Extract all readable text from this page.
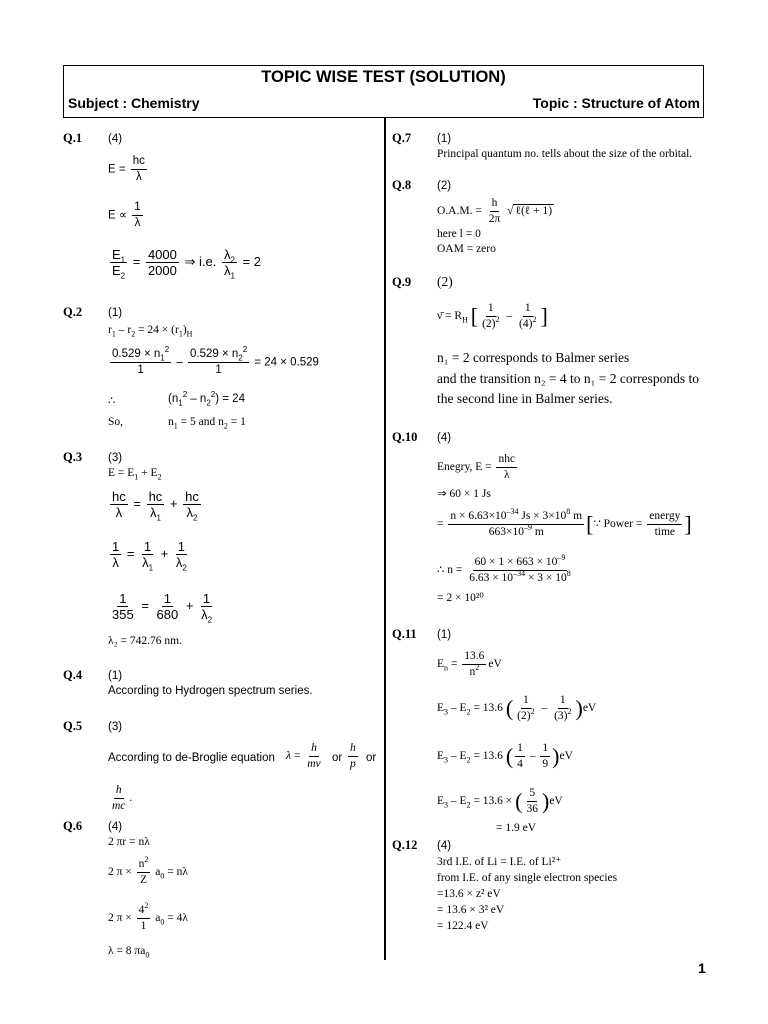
TOPIC WISE TEST (SOLUTION)
Subject : Chemistry	Topic : Structure of Atom
Q.1 (4)
$E = \frac{hc}{\lambda}$
$E \propto \frac{1}{\lambda}$
$\frac{E_1}{E_2} = \frac{4000}{2000}$ ⇒ i.e. $\frac{\lambda_2}{\lambda_1} = 2$
Q.2 (1)
$r_1 - r_2 = 24 \times (r_1)_H$
$\frac{0.529 \times n_1^2}{1} - \frac{0.529 \times n_2^2}{1} = 24 \times 0.529$
∴	$(n_1^2 - n_2^2) = 24$
So,	$n_1 = 5$ and $n_2 = 1$
Q.3 (3)
$E = E_1 + E_2$
$\frac{hc}{\lambda} = \frac{hc}{\lambda_1} + \frac{hc}{\lambda_2}$
$\frac{1}{\lambda} = \frac{1}{\lambda_1} + \frac{1}{\lambda_2}$
$\frac{1}{355} = \frac{1}{680} + \frac{1}{\lambda_2}$
λ₂ = 742.76 nm.
Q.4 (1)
According to Hydrogen spectrum series.
Q.5 (3)
According to de-Broglie equation $\lambda = \frac{h}{mv}$ or $\frac{h}{p}$ or
$\frac{h}{mc}$ .
Q.6 (4)
2 πr = nλ
2 $\pi \times \frac{n^2}{Z} a_0 = n\lambda$
2 $\pi \times \frac{4^2}{1} a_0 = 4\lambda$
λ = 8 $\pi a_0$
Q.7 (1)
Principal quantum no. tells about the size of the orbital.
Q.8 (2)
O.A.M. = $\frac{h}{2\pi}$ √ ℓ(ℓ + 1)
here l = 0
OAM = zero
Q.9 (2)
ν̄ = $R_H$ [ $\frac{1}{(2)^2} - \frac{1}{(4)^2}$ ]
n₁ = 2 corresponds to Balmer series
and the transition n₂ = 4 to n₁ = 2 corresponds to
the second line in Balmer series.
Q.10 (4)
Enegry, E =
nhc
λ
⇒ 60 × 1 Js
= $\frac{n \times 6.63\times 10^{-34} Js \times 3\times 10^8 m}{663\times 10^{-9} m}$ [∵ Power =
energy
time ]
∴ $n = \frac{60 \times 1 \times 663 \times 10^{-9}}{6.63 \times 10^{-34} \times 3 \times 10^8}$
= 2 × 10²⁰
Q.11 (1)
$E_n = \frac{13.6}{n^2}$ eV
$E_3 - E_2 = 13.6$ ( $\frac{1}{(2)^2} - \frac{1}{(3)^2} )eV$
$E_3 - E_2 = 13.6$ ( $\frac{1}{4} - \frac{1}{9} )eV$
$E_3 - E_2 = 13.6$ × ( $\frac{5}{36} )eV$
= 1.9 eV
Q.12 (4)
3rd I.E. of Li = I.E. of Li²⁺
from I.E. of any single electron species
=13.6 × z² eV
= 13.6 × 3² eV
= 122.4 eV
1
